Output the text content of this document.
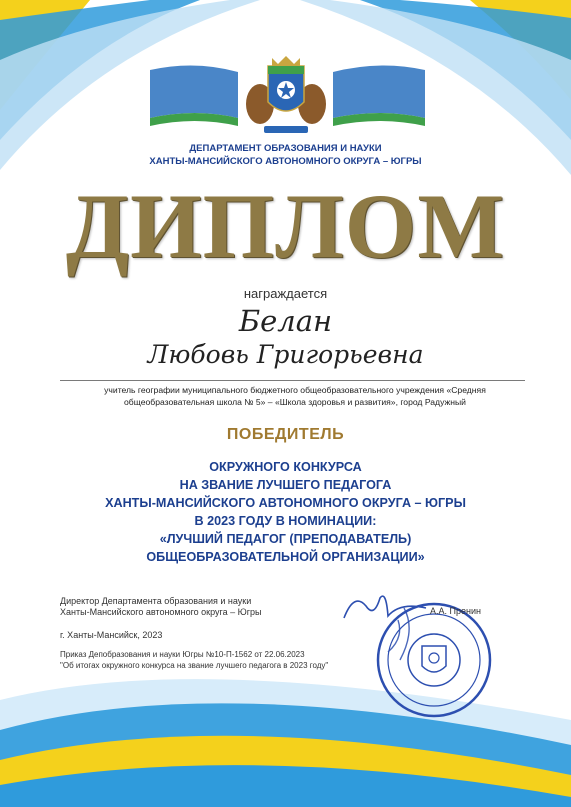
ДЕПАРТАМЕНТ ОБРАЗОВАНИЯ И НАУКИ
ХАНТЫ-МАНСИЙСКОГО АВТОНОМНОГО ОКРУГА – ЮГРЫ
ДИПЛОМ
награждается
Белан
Любовь Григорьевна
учитель географии муниципального бюджетного общеобразовательного учреждения «Средняя
общеобразовательная школа № 5» – «Школа здоровья и развития», город Радужный
ПОБЕДИТЕЛЬ
ОКРУЖНОГО КОНКУРСА
НА ЗВАНИЕ ЛУЧШЕГО ПЕДАГОГА
ХАНТЫ-МАНСИЙСКОГО АВТОНОМНОГО ОКРУГА – ЮГРЫ
В 2023 ГОДУ В НОМИНАЦИИ:
«ЛУЧШИЙ ПЕДАГОГ (ПРЕПОДАВАТЕЛЬ)
ОБЩЕОБРАЗОВАТЕЛЬНОЙ ОРГАНИЗАЦИИ»
Директор Департамента образования и науки
Ханты-Мансийского автономного округа – Югры	А.А. Пренин
г. Ханты-Мансийск, 2023
Приказ Депобразования и науки Югры №10-П-1562 от 22.06.2023
"Об итогах окружного конкурса на звание лучшего педагога в 2023 году"
